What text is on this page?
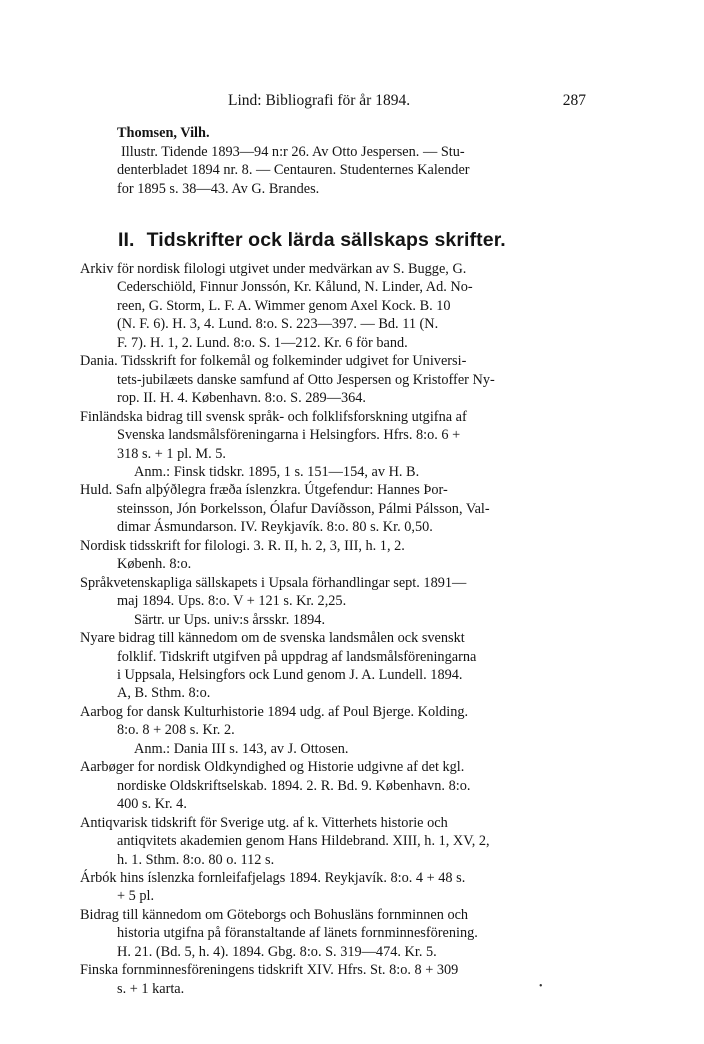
Lind: Bibliografi för år 1894.	287
Thomsen, Vilh.
Illustr. Tidende 1893—94 n:r 26. Av Otto Jespersen. — Stu-
denterbladet 1894 nr. 8. — Centauren. Studenternes Kalender
for 1895 s. 38—43. Av G. Brandes.
II. Tidskrifter ock lärda sällskaps skrifter.
Arkiv för nordisk filologi utgivet under medvärkan av S. Bugge, G.
Cederschiöld, Finnur Jonssón, Kr. Kålund, N. Linder, Ad. No-
reen, G. Storm, L. F. A. Wimmer genom Axel Kock. B. 10
(N. F. 6). H. 3, 4. Lund. 8:o. S. 223—397. — Bd. 11 (N.
F. 7). H. 1, 2. Lund. 8:o. S. 1—212. Kr. 6 för band.
Dania. Tidsskrift for folkemål og folkeminder udgivet for Universi-
tets-jubilæets danske samfund af Otto Jespersen og Kristoffer Ny-
rop. II. H. 4. København. 8:o. S. 289—364.
Finländska bidrag till svensk språk- och folklifsforskning utgifna af
Svenska landsmålsföreningarna i Helsingfors. Hfrs. 8:o. 6 +
318 s. + 1 pl. M. 5.
Anm.: Finsk tidskr. 1895, 1 s. 151—154, av H. B.
Huld. Safn alþýðlegra fræða íslenzkra. Útgefendur: Hannes Þor-
steinsson, Jón Þorkelsson, Ólafur Davíðsson, Pálmi Pálsson, Val-
dimar Ásmundarson. IV. Reykjavík. 8:o. 80 s. Kr. 0,50.
Nordisk tidsskrift for filologi. 3. R. II, h. 2, 3, III, h. 1, 2.
Københ. 8:o.
Språkvetenskapliga sällskapets i Upsala förhandlingar sept. 1891—
maj 1894. Ups. 8:o. V + 121 s. Kr. 2,25.
Särtr. ur Ups. univ:s årsskr. 1894.
Nyare bidrag till kännedom om de svenska landsmålen ock svenskt
folklif. Tidskrift utgifven på uppdrag af landsmålsföreningarna
i Uppsala, Helsingfors ock Lund genom J. A. Lundell. 1894.
A, B. Sthm. 8:o.
Aarbog for dansk Kulturhistorie 1894 udg. af Poul Bjerge. Kolding.
8:o. 8 + 208 s. Kr. 2.
Anm.: Dania III s. 143, av J. Ottosen.
Aarbøger for nordisk Oldkyndighed og Historie udgivne af det kgl.
nordiske Oldskriftselskab. 1894. 2. R. Bd. 9. København. 8:o.
400 s. Kr. 4.
Antiqvarisk tidskrift för Sverige utg. af k. Vitterhets historie och
antiqvitets akademien genom Hans Hildebrand. XIII, h. 1, XV, 2,
h. 1. Sthm. 8:o. 80 o. 112 s.
Árbók hins íslenzka fornleifafjelags 1894. Reykjavík. 8:o. 4 + 48 s.
+ 5 pl.
Bidrag till kännedom om Göteborgs och Bohusläns fornminnen och
historia utgifna på föranstaltande af länets fornminnesförening.
H. 21. (Bd. 5, h. 4). 1894. Gbg. 8:o. S. 319—474. Kr. 5.
Finska fornminnesföreningens tidskrift XIV. Hfrs. St. 8:o. 8 + 309
s. + 1 karta.	•
